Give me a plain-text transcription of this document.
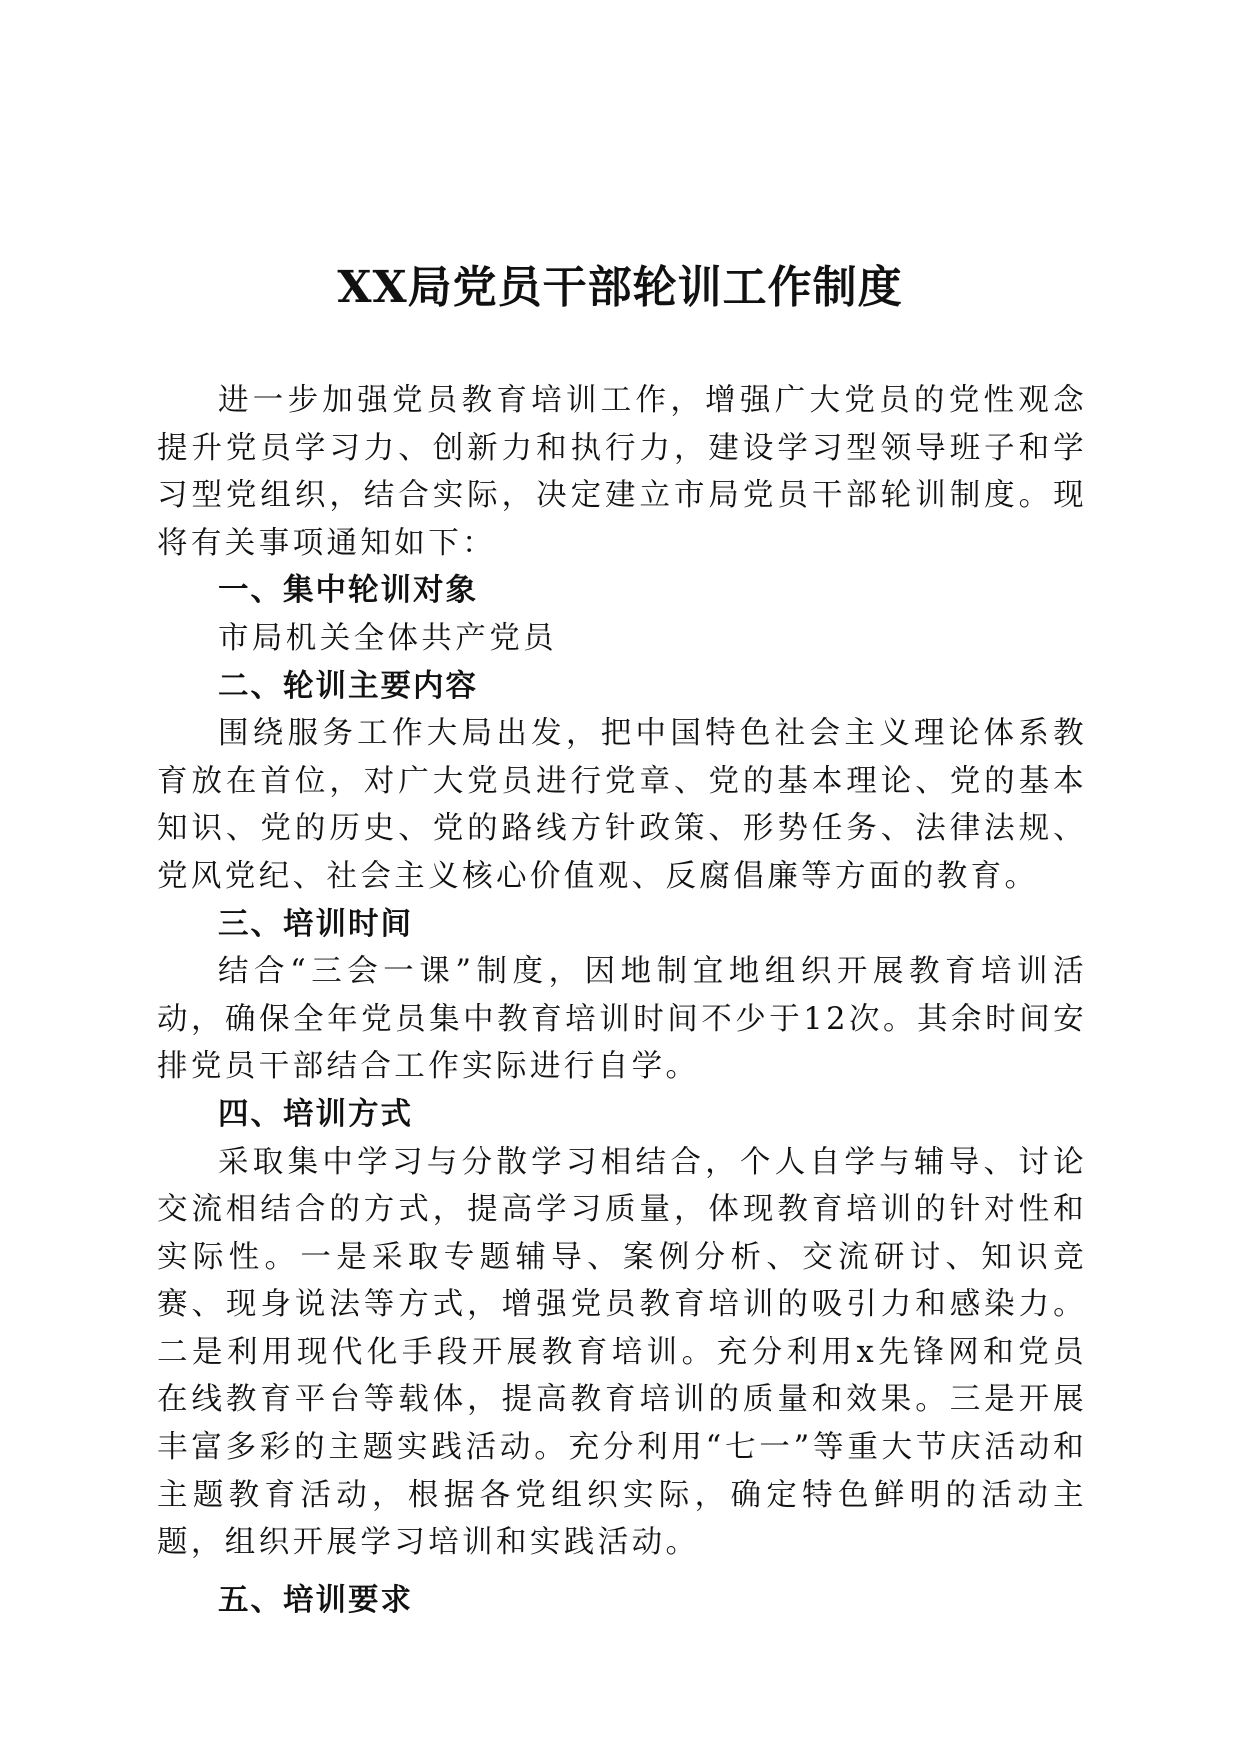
XX局党员干部轮训工作制度

进一步加强党员教育培训工作，增强广大党员的党性观念提升党员学习力、创新力和执行力，建设学习型领导班子和学习型党组织，结合实际，决定建立市局党员干部轮训制度。现将有关事项通知如下：

一、集中轮训对象

市局机关全体共产党员

二、轮训主要内容

围绕服务工作大局出发，把中国特色社会主义理论体系教育放在首位，对广大党员进行党章、党的基本理论、党的基本知识、党的历史、党的路线方针政策、形势任务、法律法规、党风党纪、社会主义核心价值观、反腐倡廉等方面的教育。

三、培训时间

结合“三会一课”制度，因地制宜地组织开展教育培训活动，确保全年党员集中教育培训时间不少于12次。其余时间安排党员干部结合工作实际进行自学。

四、培训方式

采取集中学习与分散学习相结合，个人自学与辅导、讨论交流相结合的方式，提高学习质量，体现教育培训的针对性和实际性。一是采取专题辅导、案例分析、交流研讨、知识竞赛、现身说法等方式，增强党员教育培训的吸引力和感染力。二是利用现代化手段开展教育培训。充分利用x先锋网和党员在线教育平台等载体，提高教育培训的质量和效果。三是开展丰富多彩的主题实践活动。充分利用“七一”等重大节庆活动和主题教育活动，根据各党组织实际，确定特色鲜明的活动主题，组织开展学习培训和实践活动。

五、培训要求
